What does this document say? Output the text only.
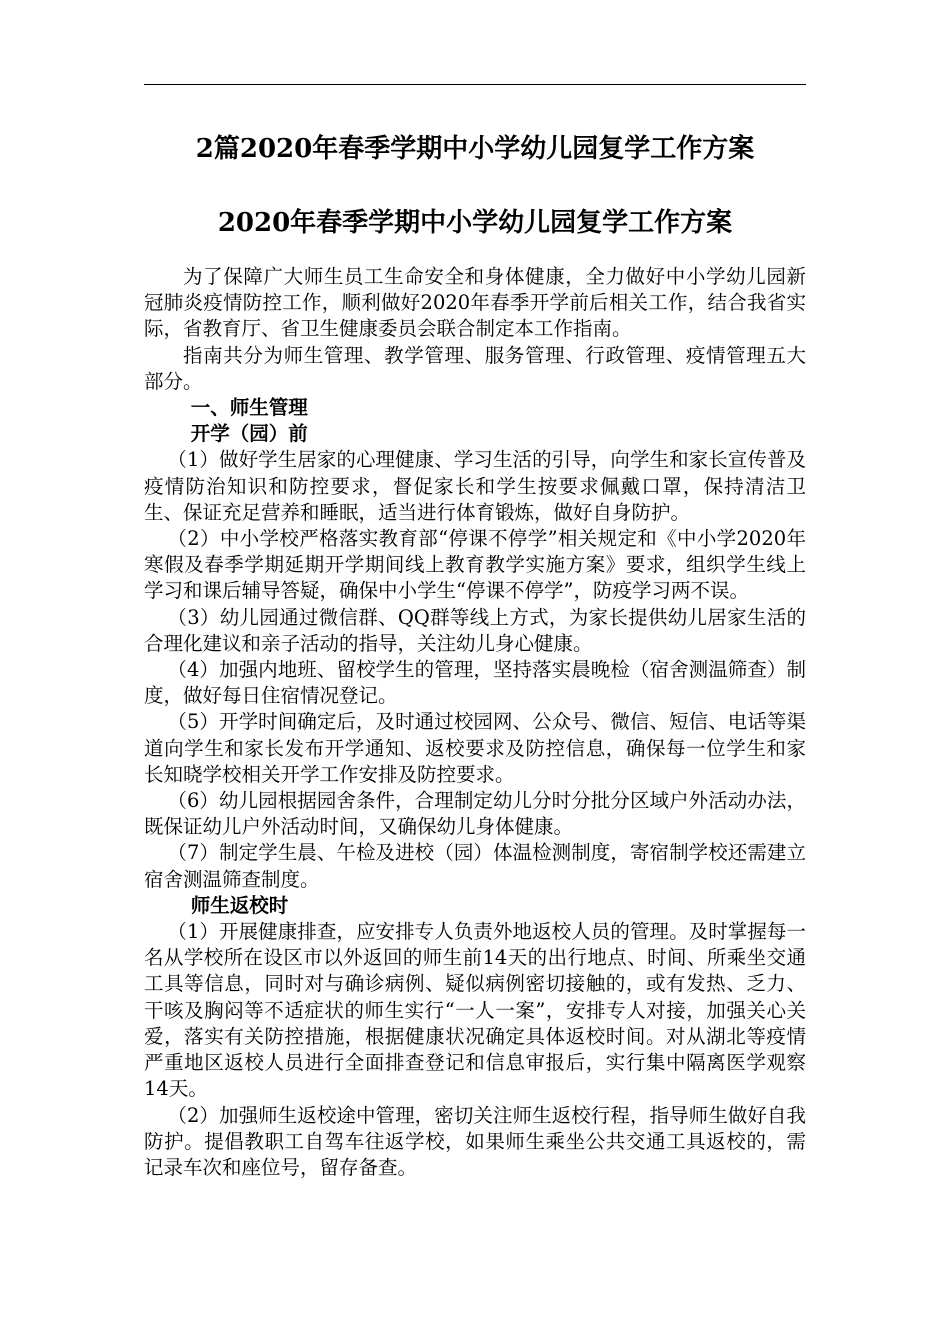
2篇2020年春季学期中小学幼儿园复学工作方案
2020年春季学期中小学幼儿园复学工作方案

为了保障广大师生员工生命安全和身体健康，全力做好中小学幼儿园新冠肺炎疫情防控工作，顺利做好2020年春季开学前后相关工作，结合我省实际，省教育厅、省卫生健康委员会联合制定本工作指南。

指南共分为师生管理、教学管理、服务管理、行政管理、疫情管理五大部分。

一、师生管理

开学（园）前

（1）做好学生居家的心理健康、学习生活的引导，向学生和家长宣传普及疫情防治知识和防控要求，督促家长和学生按要求佩戴口罩，保持清洁卫生、保证充足营养和睡眠，适当进行体育锻炼，做好自身防护。

（2）中小学校严格落实教育部“停课不停学”相关规定和《中小学2020年寒假及春季学期延期开学期间线上教育教学实施方案》要求，组织学生线上学习和课后辅导答疑，确保中小学生“停课不停学”，防疫学习两不误。

（3）幼儿园通过微信群、QQ群等线上方式，为家长提供幼儿居家生活的合理化建议和亲子活动的指导，关注幼儿身心健康。

（4）加强内地班、留校学生的管理，坚持落实晨晚检（宿舍测温筛查）制度，做好每日住宿情况登记。

（5）开学时间确定后，及时通过校园网、公众号、微信、短信、电话等渠道向学生和家长发布开学通知、返校要求及防控信息，确保每一位学生和家长知晓学校相关开学工作安排及防控要求。

（6）幼儿园根据园舍条件，合理制定幼儿分时分批分区域户外活动办法，既保证幼儿户外活动时间，又确保幼儿身体健康。

（7）制定学生晨、午检及进校（园）体温检测制度，寄宿制学校还需建立宿舍测温筛查制度。

师生返校时

（1）开展健康排查，应安排专人负责外地返校人员的管理。及时掌握每一名从学校所在设区市以外返回的师生前14天的出行地点、时间、所乘坐交通工具等信息，同时对与确诊病例、疑似病例密切接触的，或有发热、乏力、干咳及胸闷等不适症状的师生实行“一人一案”，安排专人对接，加强关心关爱，落实有关防控措施，根据健康状况确定具体返校时间。对从湖北等疫情严重地区返校人员进行全面排查登记和信息审报后，实行集中隔离医学观察14天。

（2）加强师生返校途中管理，密切关注师生返校行程，指导师生做好自我防护。提倡教职工自驾车往返学校，如果师生乘坐公共交通工具返校的，需记录车次和座位号，留存备查。
